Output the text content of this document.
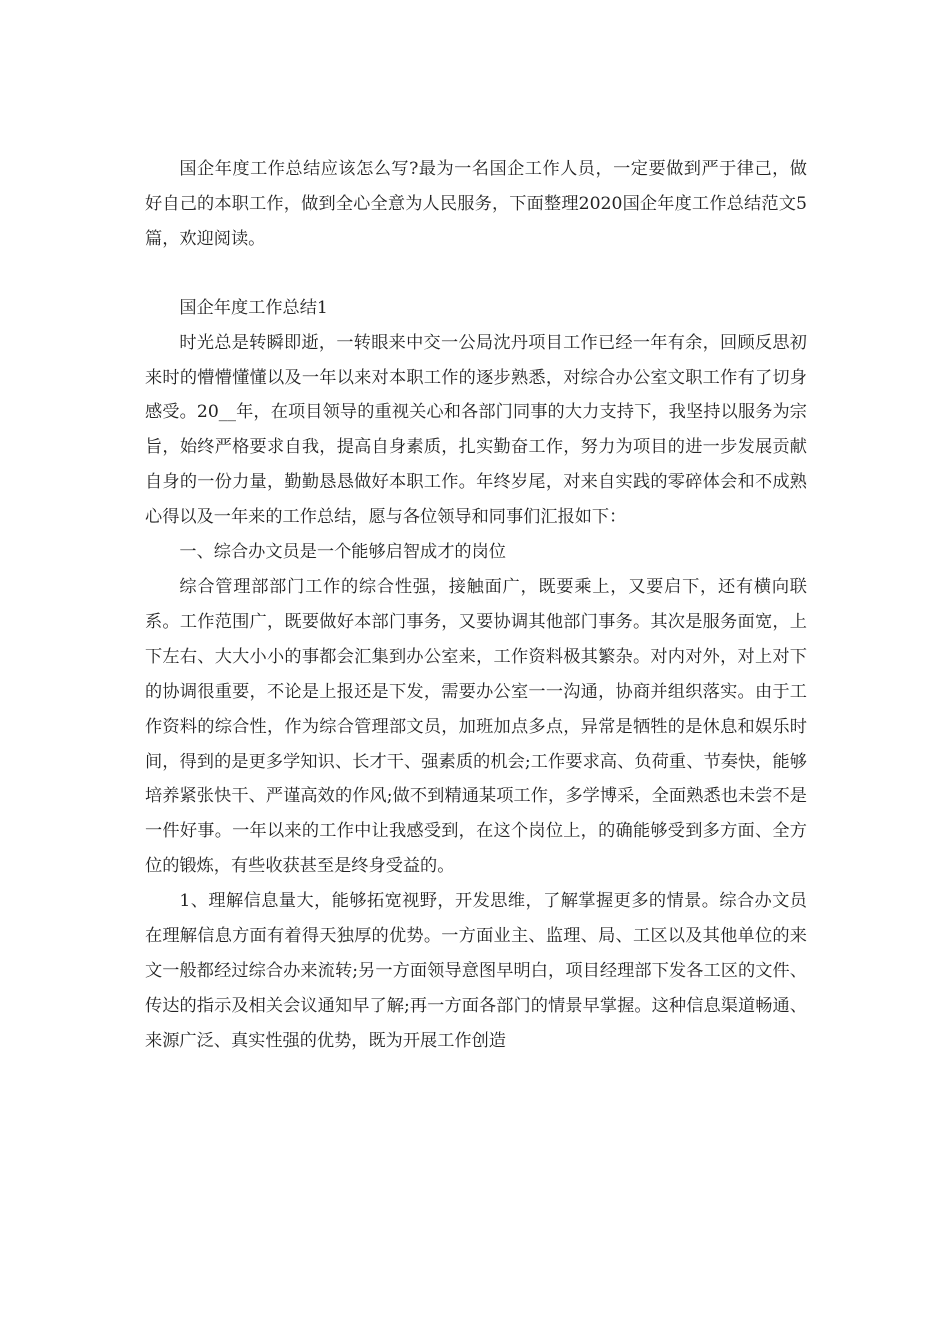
国企年度工作总结应该怎么写?最为一名国企工作人员，一定要做到严于律己，做好自己的本职工作，做到全心全意为人民服务，下面整理2020国企年度工作总结范文5篇，欢迎阅读。

国企年度工作总结1

时光总是转瞬即逝，一转眼来中交一公局沈丹项目工作已经一年有余，回顾反思初来时的懵懵懂懂以及一年以来对本职工作的逐步熟悉，对综合办公室文职工作有了切身感受。20__年，在项目领导的重视关心和各部门同事的大力支持下，我坚持以服务为宗旨，始终严格要求自我，提高自身素质，扎实勤奋工作，努力为项目的进一步发展贡献自身的一份力量，勤勤恳恳做好本职工作。年终岁尾，对来自实践的零碎体会和不成熟心得以及一年来的工作总结，愿与各位领导和同事们汇报如下：

一、综合办文员是一个能够启智成才的岗位

综合管理部部门工作的综合性强，接触面广，既要乘上，又要启下，还有横向联系。工作范围广，既要做好本部门事务，又要协调其他部门事务。其次是服务面宽，上下左右、大大小小的事都会汇集到办公室来，工作资料极其繁杂。对内对外，对上对下的协调很重要，不论是上报还是下发，需要办公室一一沟通，协商并组织落实。由于工作资料的综合性，作为综合管理部文员，加班加点多点，异常是牺牲的是休息和娱乐时间，得到的是更多学知识、长才干、强素质的机会;工作要求高、负荷重、节奏快，能够培养紧张快干、严谨高效的作风;做不到精通某项工作，多学博采，全面熟悉也未尝不是一件好事。一年以来的工作中让我感受到，在这个岗位上，的确能够受到多方面、全方位的锻炼，有些收获甚至是终身受益的。

1、理解信息量大，能够拓宽视野，开发思维，了解掌握更多的情景。综合办文员在理解信息方面有着得天独厚的优势。一方面业主、监理、局、工区以及其他单位的来文一般都经过综合办来流转;另一方面领导意图早明白，项目经理部下发各工区的文件、传达的指示及相关会议通知早了解;再一方面各部门的情景早掌握。这种信息渠道畅通、来源广泛、真实性强的优势，既为开展工作创造
